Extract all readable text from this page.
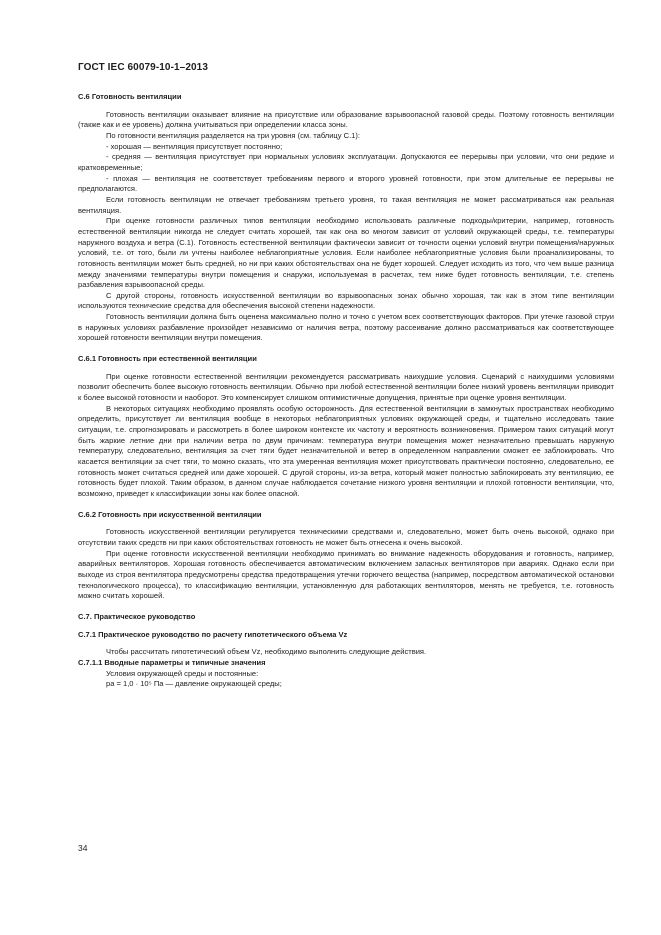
ГОСТ IEC 60079-10-1–2013

С.6 Готовность вентиляции

Готовность вентиляции оказывает влияние на присутствие или образование взрывоопасной газовой среды. Поэтому готовность вентиляции (также как и ее уровень) должна учитываться при определении класса зоны.

По готовности вентиляция разделяется на три уровня (см. таблицу С.1):

- хорошая — вентиляция присутствует постоянно;

- средняя — вентиляция присутствует при нормальных условиях эксплуатации. Допускаются ее перерывы при условии, что они редкие и кратковременные;

- плохая — вентиляция не соответствует требованиям первого и второго уровней готовности, при этом длительные ее перерывы не предполагаются.

Если готовность вентиляции не отвечает требованиям третьего уровня, то такая вентиляция не может рассматриваться как реальная вентиляция.

При оценке готовности различных типов вентиляции необходимо использовать различные подходы/критерии, например, готовность естественной вентиляции никогда не следует считать хорошей, так как она во многом зависит от условий окружающей среды, т.е. температуры наружного воздуха и ветра (С.1). Готовность естественной вентиляции фактически зависит от точности оценки условий внутри помещения/наружных условий, т.е. от того, были ли учтены наиболее неблагоприятные условия. Если наиболее неблагоприятные условия были проанализированы, то готовность вентиляции может быть средней, но ни при каких обстоятельствах она не будет хорошей. Следует исходить из того, что чем выше разница между значениями температуры внутри помещения и снаружи, используемая в расчетах, тем ниже будет готовность вентиляции, т.е. степень разбавления взрывоопасной среды.

С другой стороны, готовность искусственной вентиляции во взрывоопасных зонах обычно хорошая, так как в этом типе вентиляции используются технические средства для обеспечения высокой степени надежности.

Готовность вентиляции должна быть оценена максимально полно и точно с учетом всех соответствующих факторов. При утечке газовой струи в наружных условиях разбавление произойдет независимо от наличия ветра, поэтому рассеивание должно рассматриваться как соответствующее хорошей готовности вентиляции внутри помещения.

С.6.1 Готовность при естественной вентиляции

При оценке готовности естественной вентиляции рекомендуется рассматривать наихудшие условия. Сценарий с наихудшими условиями позволит обеспечить более высокую готовность вентиляции. Обычно при любой естественной вентиляции более низкий уровень вентиляции приводит к более высокой готовности и наоборот. Это компенсирует слишком оптимистичные допущения, принятые при оценке уровня вентиляции.

В некоторых ситуациях необходимо проявлять особую осторожность. Для естественной вентиляции в замкнутых пространствах необходимо определить, присутствует ли вентиляция вообще в некоторых неблагоприятных условиях окружающей среды, и тщательно исследовать такие ситуации, т.е. спрогнозировать и рассмотреть в более широком контексте их частоту и вероятность возникновения. Примером таких ситуаций могут быть жаркие летние дни при наличии ветра по двум причинам: температура внутри помещения может незначительно превышать наружную температуру, следовательно, вентиляция за счет тяги будет незначительной и ветер в определенном направлении сможет ее заблокировать. Что касается вентиляции за счет тяги, то можно сказать, что эта умеренная вентиляция может присутствовать практически постоянно, следовательно, ее готовность может считаться средней или даже хорошей. С другой стороны, из-за ветра, который может полностью заблокировать эту вентиляцию, ее готовность будет плохой. Таким образом, в данном случае наблюдается сочетание низкого уровня вентиляции и плохой готовности вентиляции, что, возможно, приведет к классификации зоны как более опасной.

С.6.2 Готовность при искусственной вентиляции

Готовность искусственной вентиляции регулируется техническими средствами и, следовательно, может быть очень высокой, однако при отсутствии таких средств ни при каких обстоятельствах готовность не может быть отнесена к очень высокой.

При оценке готовности искусственной вентиляции необходимо принимать во внимание надежность оборудования и готовность, например, аварийных вентиляторов. Хорошая готовность обеспечивается автоматическим включением запасных вентиляторов при авариях. Однако если при выходе из строя вентилятора предусмотрены средства предотвращения утечки горючего вещества (например, посредством автоматической остановки технологического процесса), то классификацию вентиляции, установленную для работающих вентиляторов, менять не требуется, т.е. готовность можно считать хорошей.

С.7. Практическое руководство

С.7.1 Практическое руководство по расчету гипотетического объема Vz

Чтобы рассчитать гипотетический объем Vz, необходимо выполнить следующие действия.

С.7.1.1 Вводные параметры и типичные значения

Условия окружающей среды и постоянные:

pa = 1,0 · 10⁵ Па — давление окружающей среды;

34
